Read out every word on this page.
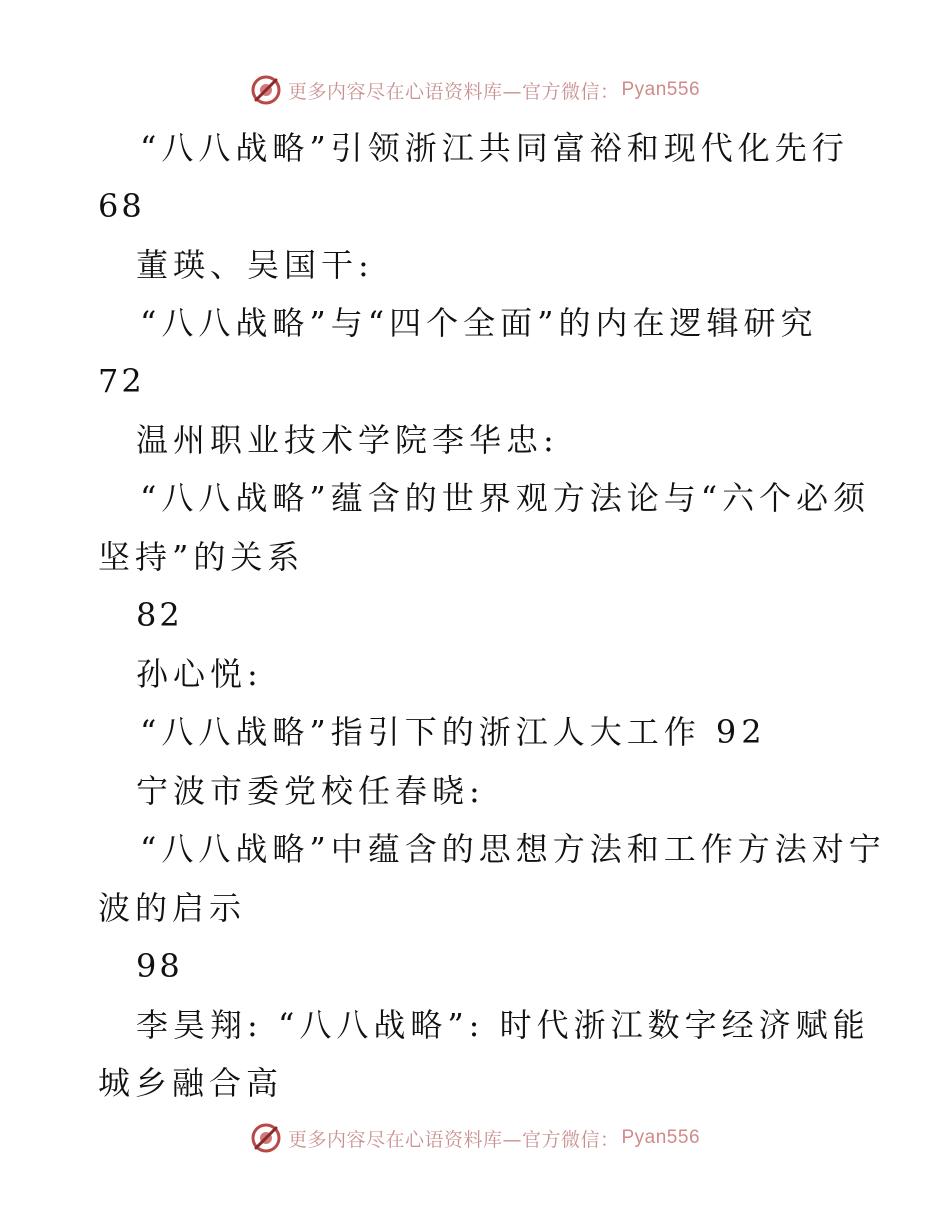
更多内容尽在心语资料库—官方微信： Pyan556
“八八战略”引领浙江共同富裕和现代化先行
68
董瑛、吴国干:
“八八战略”与“四个全面”的内在逻辑研究
72
温州职业技术学院李华忠:
“八八战略”蕴含的世界观方法论与“六个必须
坚持”的关系
82
孙心悦:
“八八战略”指引下的浙江人大工作 92
宁波市委党校任春晓:
“八八战略”中蕴含的思想方法和工作方法对宁
波的启示
98
李昊翔: “八八战略”: 时代浙江数字经济赋能
城乡融合高
更多内容尽在心语资料库—官方微信： Pyan556
